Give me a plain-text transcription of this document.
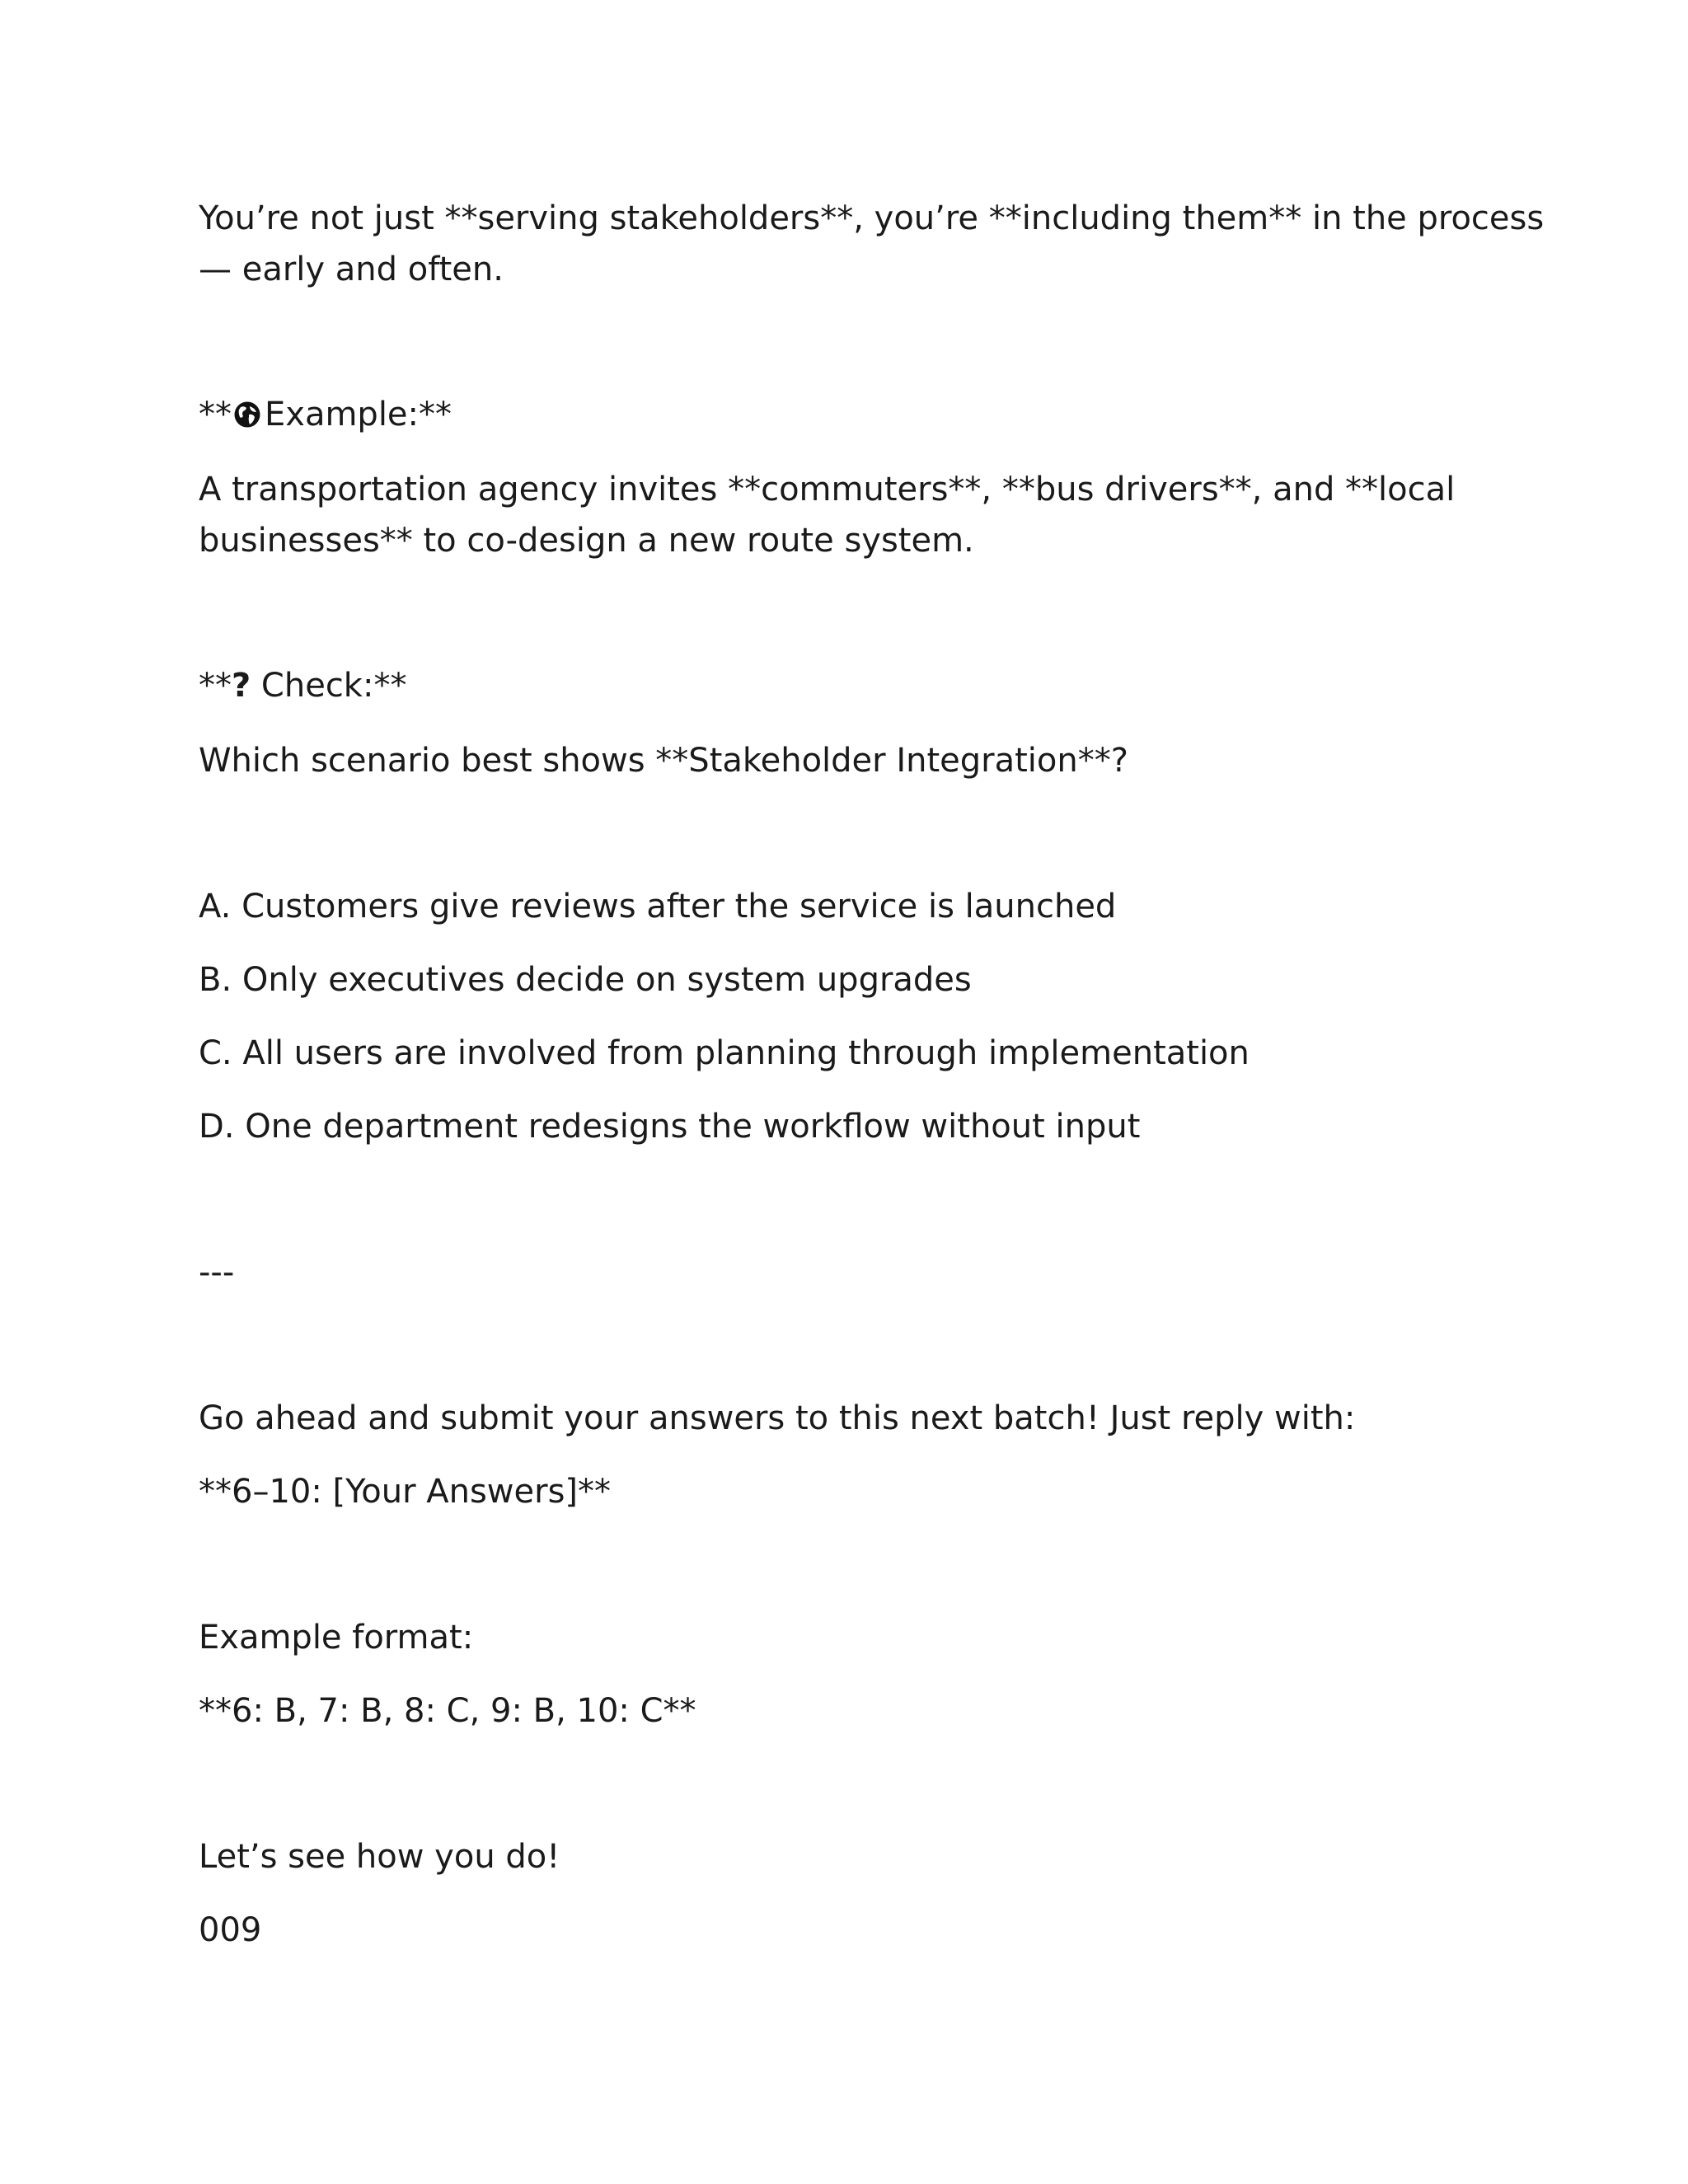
You’re not just **serving stakeholders**, you’re **including them** in the process
— early and often.
** Example:**
A transportation agency invites **commuters**, **bus drivers**, and **local
businesses** to co-design a new route system.
**? Check:**
Which scenario best shows **Stakeholder Integration**?
A. Customers give reviews after the service is launched
B. Only executives decide on system upgrades
C. All users are involved from planning through implementation
D. One department redesigns the workflow without input
---
Go ahead and submit your answers to this next batch! Just reply with:
**6–10: [Your Answers]**
Example format:
**6: B, 7: B, 8: C, 9: B, 10: C**
Let’s see how you do!
009
